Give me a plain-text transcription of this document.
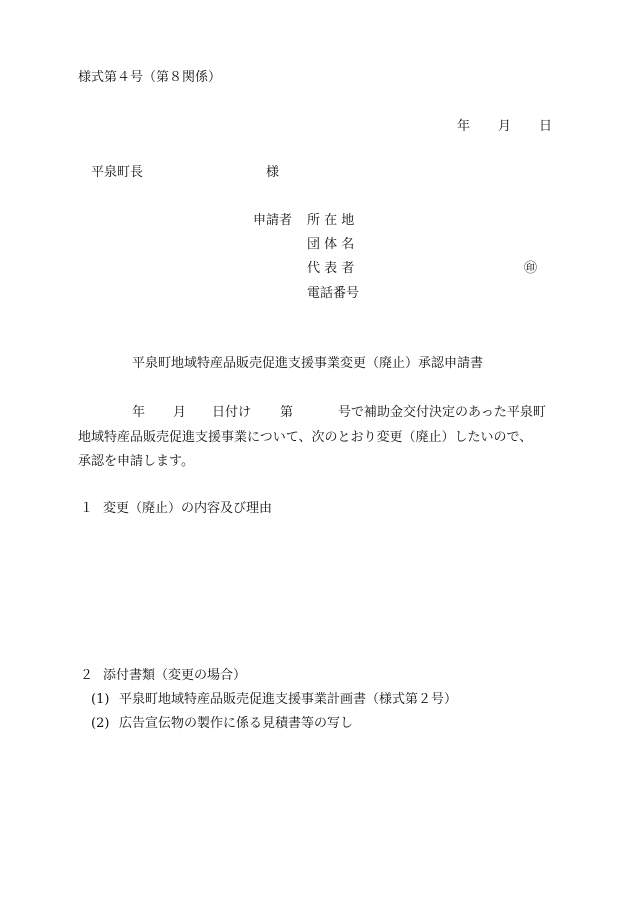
様式第４号（第８関係）
年 月 日
平泉町長	様
申請者 所 在 地
団 体 名
代 表 者
電話番号
㊞
平泉町地域特産品販売促進支援事業変更（廃止）承認申請書
年 月 日付け 第	号で補助金交付決定のあった平泉町
地域特産品販売促進支援事業について、次のとおり変更（廃止）したいので、
承認を申請します。
１ 変更（廃止）の内容及び理由
２ 添付書類（変更の場合）
(1) 平泉町地域特産品販売促進支援事業計画書（様式第２号）
(2) 広告宣伝物の製作に係る見積書等の写し
